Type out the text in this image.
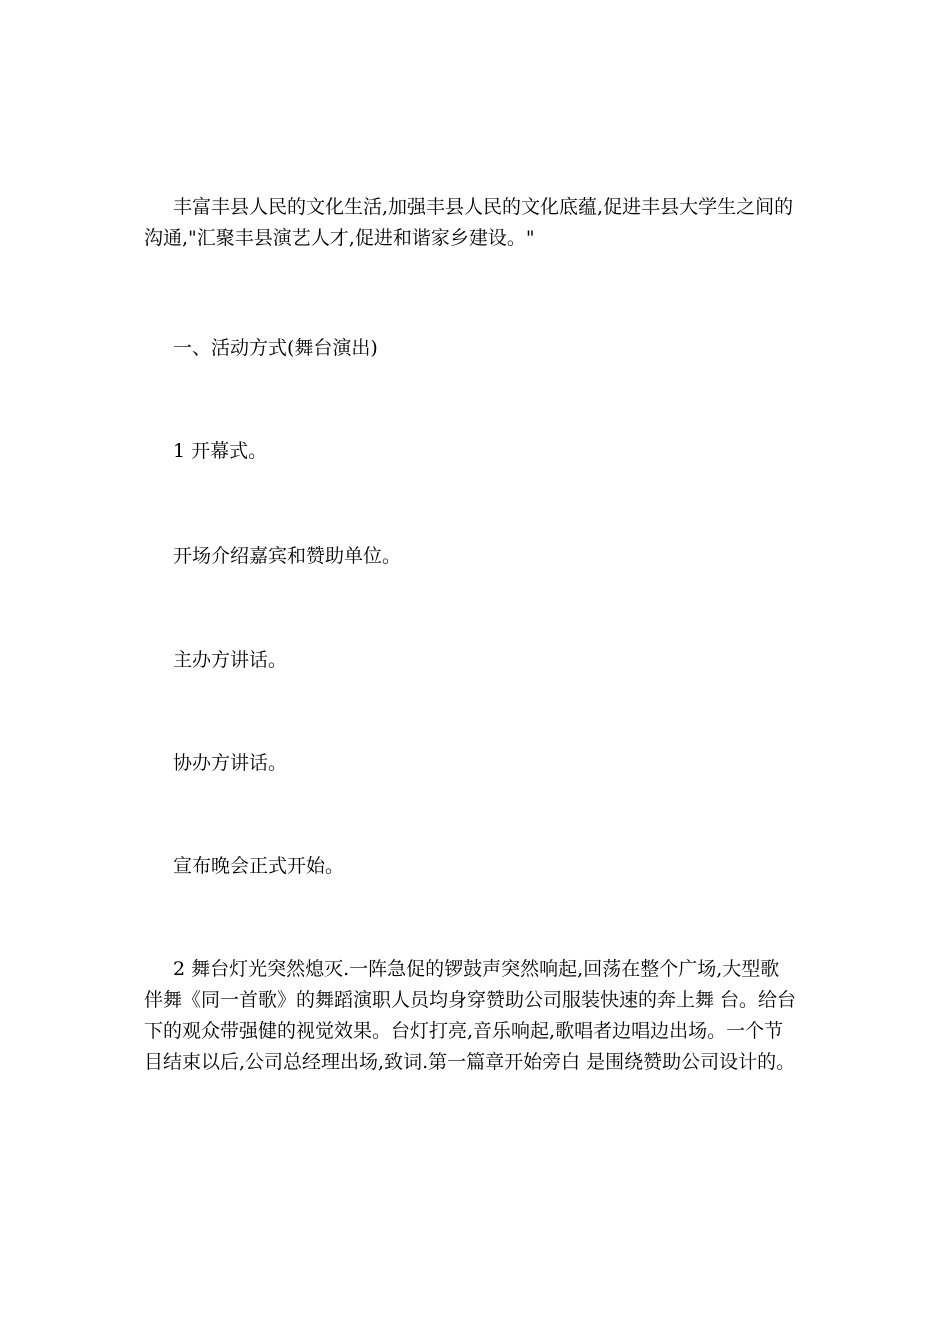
丰富丰县人民的文化生活,加强丰县人民的文化底蕴,促进丰县大学生之间的
沟通,"汇聚丰县演艺人才,促进和谐家乡建设。"
一、活动方式(舞台演出)
1 开幕式。
开场介绍嘉宾和赞助单位。
主办方讲话。
协办方讲话。
宣布晚会正式开始。
2 舞台灯光突然熄灭.一阵急促的锣鼓声突然响起,回荡在整个广场,大型歌
伴舞《同一首歌》的舞蹈演职人员均身穿赞助公司服装快速的奔上舞 台。给台
下的观众带强健的视觉效果。台灯打亮,音乐响起,歌唱者边唱边出场。一个节
目结束以后,公司总经理出场,致词.第一篇章开始旁白 是围绕赞助公司设计的。
